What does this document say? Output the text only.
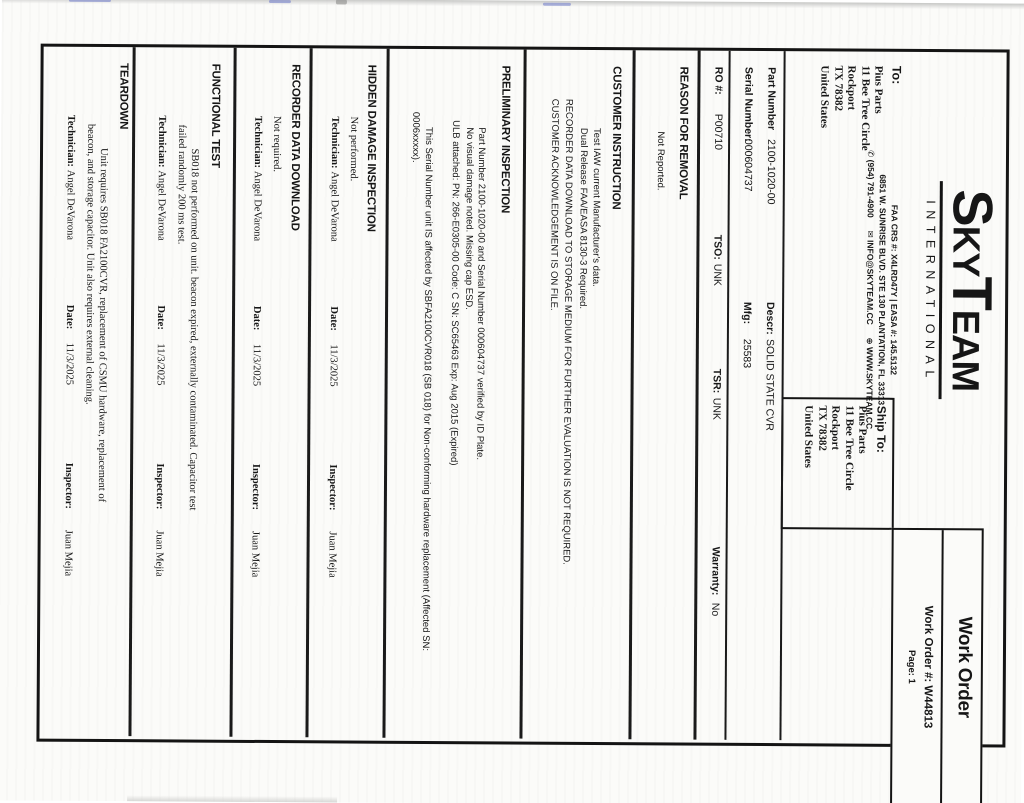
To:
Pius Parts
11 Bee Tree Circle
Rockport
TX 78382
United States
SKYTEAM
INTERNATIONAL
FAA CRS #: X4LRD47Y | EASA #: 145.5132
6851 W. SUNRISE BLVD. STE 130 PLANTATION, FL 33313
✆ (954) 791-4900  ✉ INFO@SKYTEAM.CC  ⊕ WWW.SKYTEAM.CC
Ship To:
Pius Parts
11 Bee Tree Circle
Rockport
TX 78382
United States
Work Order
Work Order #: W44813
Page: 1
Part Number
2100-1020-00
Descr:
SOLID STATE CVR
Serial Number:
000604737
Mfg:
25583
RO #:
P00710
TSO:
UNK
TSR:
UNK
Warranty:
No
REASON FOR REMOVAL
Not Reported.
CUSTOMER INSTRUCTION
Test IAW current Manufacturer's data.
Dual Release FAA/EASA 8130-3 Required.
RECORDER DATA DOWNLOAD TO STORAGE MEDIUM FOR FURTHER EVALUATION IS NOT REQUIRED.
CUSTOMER ACKNOWLEDGEMENT IS ON FILE.
PRELIMINARY INSPECTION
Part Number 2100-1020-00 and Serial Number 000604737 verified by ID Plate.
No visual damage noted. Missing cap ESD.
ULB attached: PN: 266-E0305-00 Code: C SN: SC65463 Exp: Aug 2015 (Expired)
This Serial Number unit IS affected by SBFA2100CVR018 (SB 018) for Non-conforming hardware replacement (Affected SN:
0006xxxxx).
HIDDEN DAMAGE INSPECTION
Not performed.
Technician:
Angel DeVarona
Date:
11/3/2025
Inspector:
Juan Mejia
RECORDER DATA DOWNLOAD
Not required.
Technician:
Angel DeVarona
Date:
11/3/2025
Inspector:
Juan Mejia
FUNCTIONAL TEST
SB018 not performed on unit. beacon expired, externally contaminated. Capacitor test
failed randomly 200 ms test.
Technician:
Angel DeVarona
Date:
11/3/2025
Inspector:
Juan Mejia
TEARDOWN
Unit requires SB018 FA2100CVR, replacement of CSMU hardware, replacement of
beacon, and storage capacitor. Unit also requires external cleaning.
Technician:
Angel DeVarona
Date:
11/3/2025
Inspector:
Juan Mejia
